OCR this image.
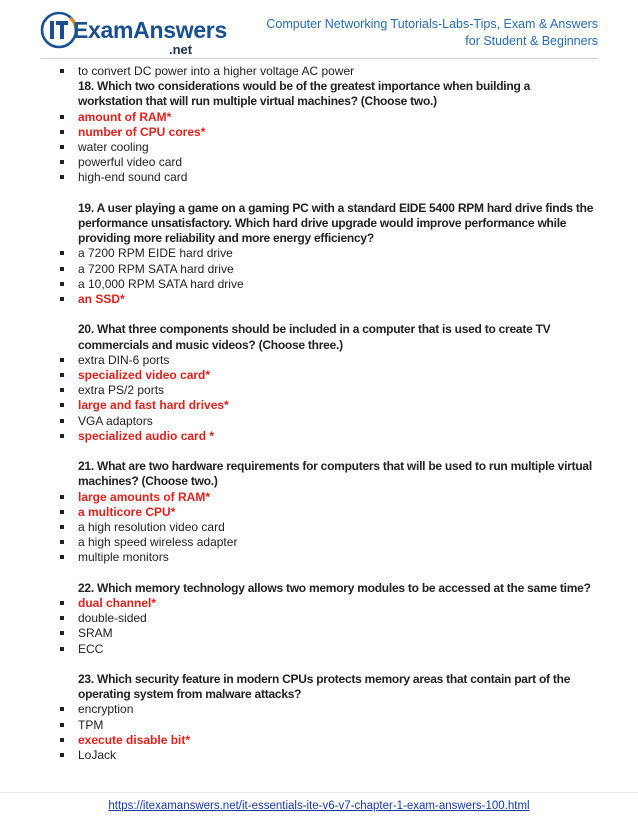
ExamAnswers
.net
Computer Networking Tutorials-Labs-Tips, Exam & Answers
for Student & Beginners
to convert DC power into a higher voltage AC power
18. Which two considerations would be of the greatest importance when building a
workstation that will run multiple virtual machines? (Choose two.)
amount of RAM*
number of CPU cores*
water cooling
powerful video card
high-end sound card
19. A user playing a game on a gaming PC with a standard EIDE 5400 RPM hard drive finds the
performance unsatisfactory. Which hard drive upgrade would improve performance while
providing more reliability and more energy efficiency?
a 7200 RPM EIDE hard drive
a 7200 RPM SATA hard drive
a 10,000 RPM SATA hard drive
an SSD*
20. What three components should be included in a computer that is used to create TV
commercials and music videos? (Choose three.)
extra DIN-6 ports
specialized video card*
extra PS/2 ports
large and fast hard drives*
VGA adaptors
specialized audio card *
21. What are two hardware requirements for computers that will be used to run multiple virtual
machines? (Choose two.)
large amounts of RAM*
a multicore CPU*
a high resolution video card
a high speed wireless adapter
multiple monitors
22. Which memory technology allows two memory modules to be accessed at the same time?
dual channel*
double-sided
SRAM
ECC
23. Which security feature in modern CPUs protects memory areas that contain part of the
operating system from malware attacks?
encryption
TPM
execute disable bit*
LoJack
https://itexamanswers.net/it-essentials-ite-v6-v7-chapter-1-exam-answers-100.html
